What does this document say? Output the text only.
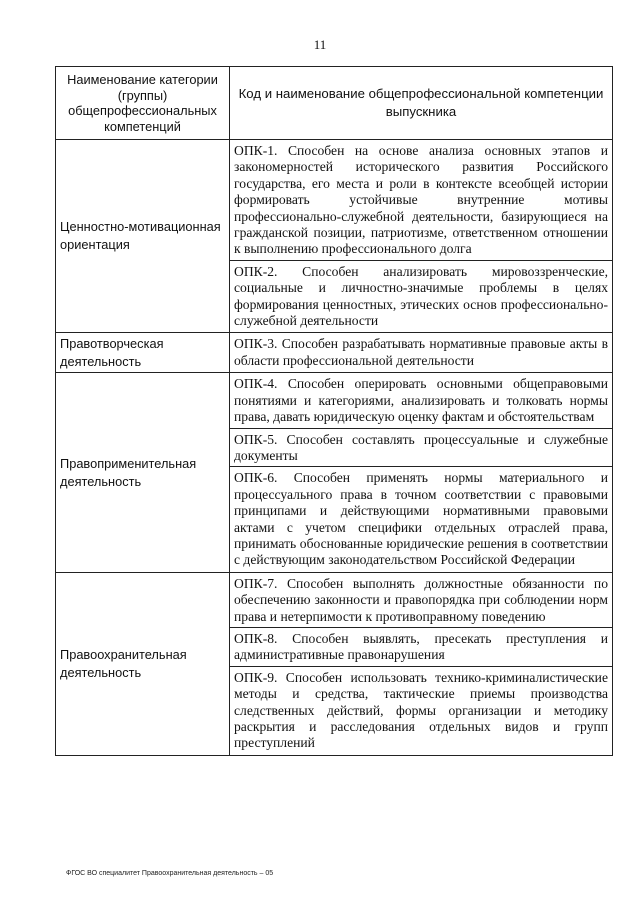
11
Наименование категории (группы) общепрофессиональных компетенций	Код и наименование общепрофессиональной компетенции выпускника
Ценностно-мотивационная ориентация	ОПК-1. Способен на основе анализа основных этапов и закономерностей исторического развития Российского государства, его места и роли в контексте всеобщей истории формировать устойчивые внутренние мотивы профессионально-служебной деятельности, базирующиеся на гражданской позиции, патриотизме, ответственном отношении к выполнению профессионального долга
ОПК-2. Способен анализировать мировоззренческие, социальные и личностно-значимые проблемы в целях формирования ценностных, этических основ профессионально-служебной деятельности

Правотворческая деятельность	ОПК-3. Способен разрабатывать нормативные правовые акты в области профессиональной деятельности

Правоприменительная деятельность	ОПК-4. Способен оперировать основными общеправовыми понятиями и категориями, анализировать и толковать нормы права, давать юридическую оценку фактам и обстоятельствам
ОПК-5. Способен составлять процессуальные и служебные документы
ОПК-6. Способен применять нормы материального и процессуального права в точном соответствии с правовыми принципами и действующими нормативными правовыми актами с учетом специфики отдельных отраслей права, принимать обоснованные юридические решения в соответствии с действующим законодательством Российской Федерации

Правоохранительная деятельность	ОПК-7. Способен выполнять должностные обязанности по обеспечению законности и правопорядка при соблюдении норм права и нетерпимости к противоправному поведению
ОПК-8. Способен выявлять, пресекать преступления и административные правонарушения
ОПК-9. Способен использовать технико-криминалистические методы и средства, тактические приемы производства следственных действий, формы организации и методику раскрытия и расследования отдельных видов и групп преступлений
ФГОС ВО специалитет Правоохранительная деятельность – 05
